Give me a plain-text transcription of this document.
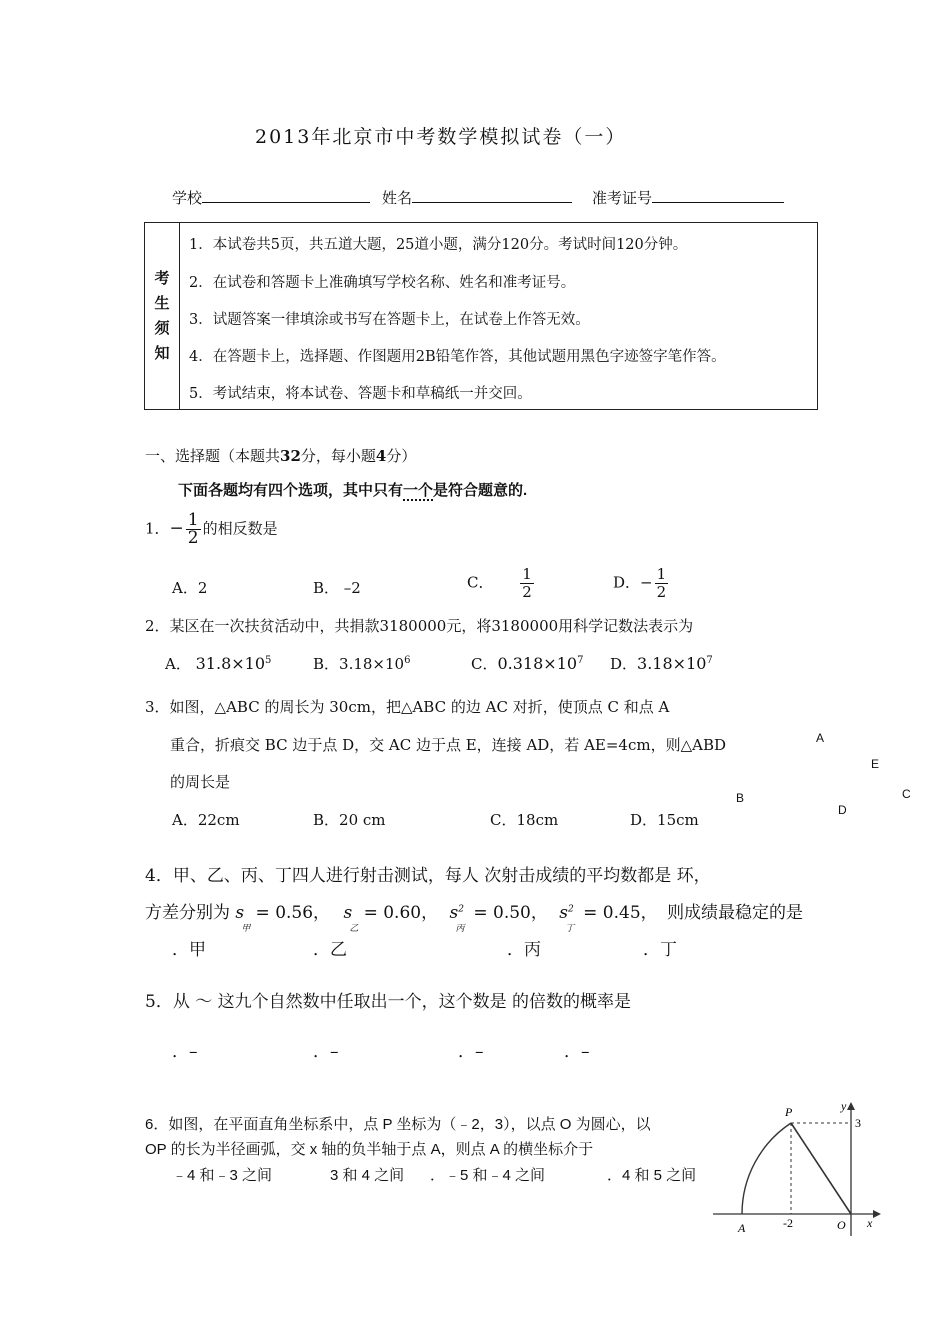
2013年北京市中考数学模拟试卷（一）
学校	姓名	准考证号
考
生
须
知
1．本试卷共5页，共五道大题，25道小题，满分120分。考试时间120分钟。
2．在试卷和答题卡上准确填写学校名称、姓名和准考证号。
3．试题答案一律填涂或书写在答题卡上，在试卷上作答无效。
4．在答题卡上，选择题、作图题用2B铅笔作答，其他试题用黑色字迹签字笔作答。
5．考试结束，将本试卷、答题卡和草稿纸一并交回。
一、选择题（本题共32分，每小题4分）
下面各题均有四个选项，其中只有一个是符合题意的.
1．− $\frac{1}{2}$ 的相反数是
A．2	B． –2	C． $\frac{1}{2}$	D．− $\frac{1}{2}$
2．某区在一次扶贫活动中，共捐款3180000元，将3180000用科学记数法表示为
A． $31.8\times 10^5$	B．$3.18\times 10^6$	C．$0.318\times 10^7$ D．$3.18\times 10^7$
3．如图，△ABC 的周长为 30cm，把△ABC 的边 AC 对折，使顶点 C 和点 A
重合，折痕交 BC 边于点 D，交 AC 边于点 E，连接 AD，若 AE=4cm，则△ABD
的周长是
A．22cm	B．20 cm	C．18cm	D．15cm
A
E
C
B
D
4．甲、乙、丙、丁四人进行射击测试，每人 次射击成绩的平均数都是 环，
方差分别为 s
甲
= 0.56， s
乙
= 0.60， $s^2$
丙
= 0.50， $s^2$
丁
= 0.45， 则成绩最稳定的是
．甲	．乙	．丙	．丁
5．从 ～ 这九个自然数中任取出一个，这个数是 的倍数的概率是
．–	．–	．–	．–
6．如图，在平面直角坐标系中，点 P 坐标为（﹣2，3），以点 O 为圆心，以
OP 的长为半径画弧，交 x 轴的负半轴于点 A，则点 A 的横坐标介于
﹣4 和﹣3 之间	3 和 4 之间 ．﹣5 和﹣4 之间	．4 和 5 之间
P	y
3
A	-2	O x
